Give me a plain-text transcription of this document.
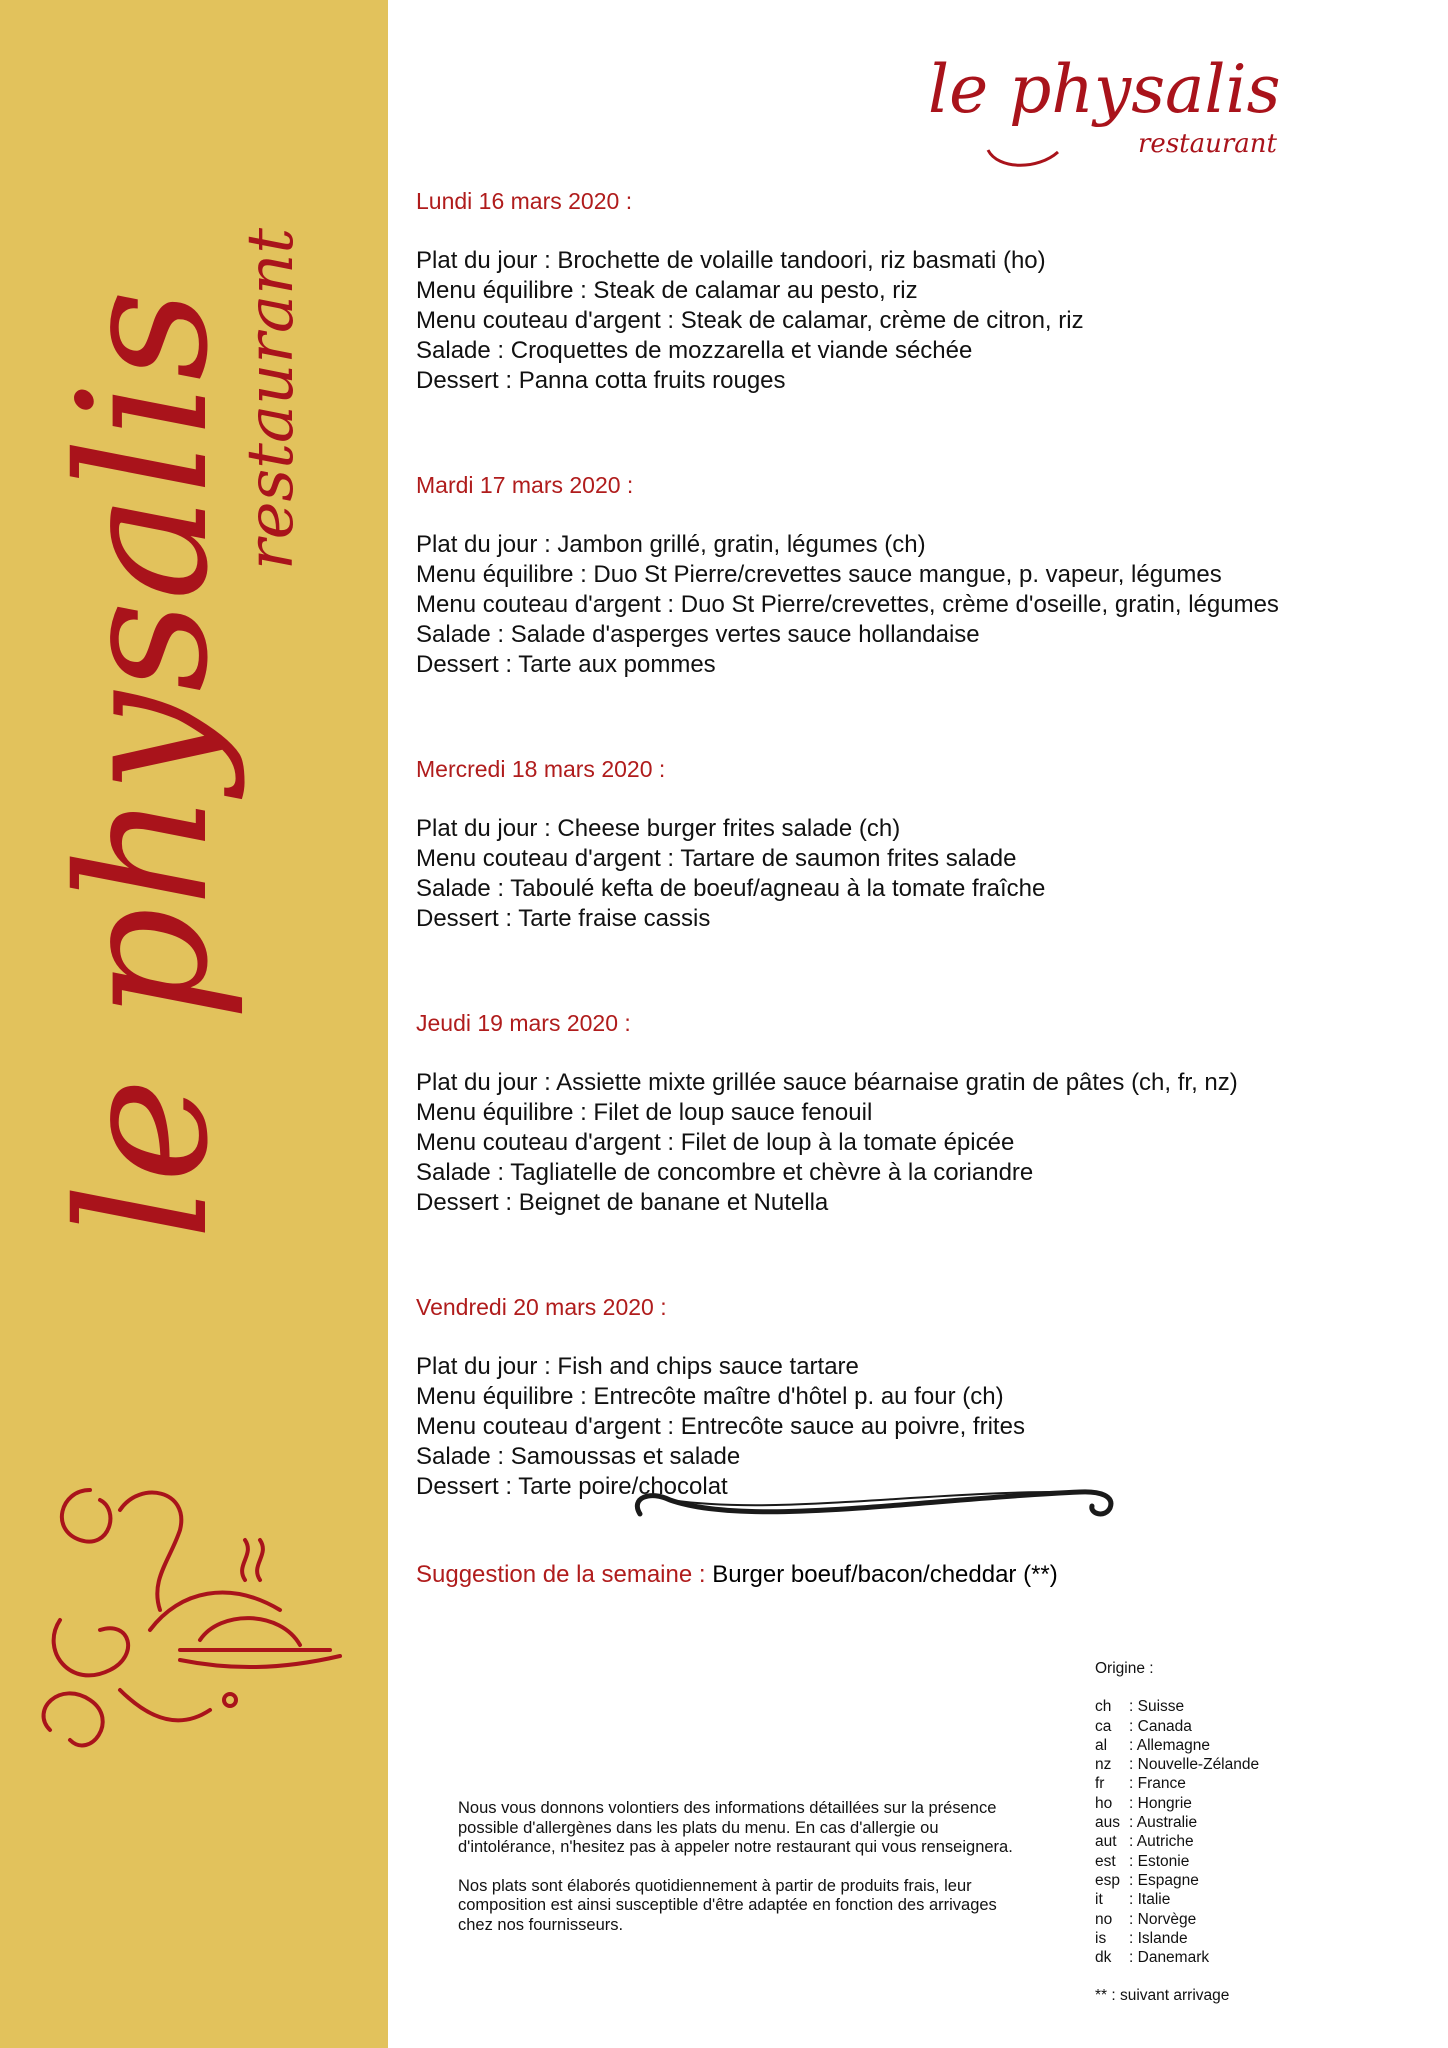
le physalis
restaurant
le physalis
restaurant
Lundi 16 mars 2020 :
Plat du jour : Brochette de volaille tandoori, riz basmati (ho)
Menu équilibre : Steak de calamar au pesto, riz
Menu couteau d'argent : Steak de calamar, crème de citron, riz
Salade : Croquettes de mozzarella et viande séchée
Dessert : Panna cotta fruits rouges
Mardi 17 mars 2020 :
Plat du jour : Jambon grillé, gratin, légumes (ch)
Menu équilibre : Duo St Pierre/crevettes sauce mangue, p. vapeur, légumes
Menu couteau d'argent : Duo St Pierre/crevettes, crème d'oseille, gratin, légumes
Salade : Salade d'asperges vertes sauce hollandaise
Dessert : Tarte aux pommes
Mercredi 18 mars 2020 :
Plat du jour : Cheese burger frites salade (ch)
Menu couteau d'argent : Tartare de saumon frites salade
Salade : Taboulé kefta de boeuf/agneau à la tomate fraîche
Dessert : Tarte fraise cassis
Jeudi 19 mars 2020 :
Plat du jour : Assiette mixte grillée sauce béarnaise gratin de pâtes (ch, fr, nz)
Menu équilibre : Filet de loup sauce fenouil
Menu couteau d'argent : Filet de loup à la tomate épicée
Salade : Tagliatelle de concombre et chèvre à la coriandre
Dessert : Beignet de banane et Nutella
Vendredi 20 mars 2020 :
Plat du jour : Fish and chips sauce tartare
Menu équilibre : Entrecôte maître d'hôtel p. au four (ch)
Menu couteau d'argent : Entrecôte sauce au poivre, frites
Salade : Samoussas et salade
Dessert : Tarte poire/chocolat
Suggestion de la semaine : Burger boeuf/bacon/cheddar (**)

Nous vous donnons volontiers des informations détaillées sur la présence possible d'allergènes dans les plats du menu. En cas d'allergie ou d'intolérance, n'hesitez pas à appeler notre restaurant qui vous renseignera.

Nos plats sont élaborés quotidiennement à partir de produits frais, leur composition est ainsi susceptible d'être adaptée en fonction des arrivages chez nos fournisseurs.

Origine :
ch : Suisse
ca : Canada
al : Allemagne
nz : Nouvelle-Zélande
fr : France
ho : Hongrie
aus : Australie
aut : Autriche
est : Estonie
esp : Espagne
it : Italie
no : Norvège
is : Islande
dk : Danemark
** : suivant arrivage
